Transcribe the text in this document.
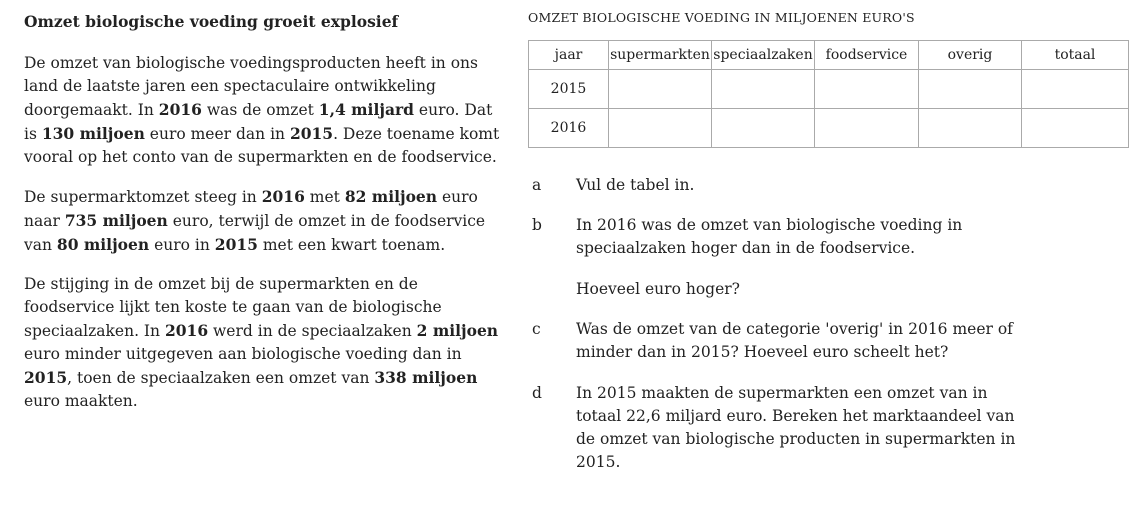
Omzet biologische voeding groeit explosief

De omzet van biologische voedingsproducten heeft in ons land de laatste jaren een spectaculaire ontwikkeling doorgemaakt. In 2016 was de omzet 1,4 miljard euro. Dat is 130 miljoen euro meer dan in 2015. Deze toename komt vooral op het conto van de supermarkten en de foodservice.

De supermarktomzet steeg in 2016 met 82 miljoen euro naar 735 miljoen euro, terwijl de omzet in de foodservice van 80 miljoen euro in 2015 met een kwart toenam.

De stijging in de omzet bij de supermarkten en de foodservice lijkt ten koste te gaan van de biologische speciaalzaken. In 2016 werd in de speciaalzaken 2 miljoen euro minder uitgegeven aan biologische voeding dan in 2015, toen de speciaalzaken een omzet van 338 miljoen euro maakten.

OMZET BIOLOGISCHE VOEDING IN MILJOENEN EURO'S

jaar	supermarkten	speciaalzaken	foodservice	overig	totaal
2015					
2016					
a	Vul de tabel in.
b	In 2016 was de omzet van biologische voeding in speciaalzaken hoger dan in de foodservice.
Hoeveel euro hoger?
c	Was de omzet van de categorie 'overig' in 2016 meer of minder dan in 2015? Hoeveel euro scheelt het?
d	In 2015 maakten de supermarkten een omzet van in totaal 22,6 miljard euro. Bereken het marktaandeel van de omzet van biologische producten in supermarkten in 2015.
